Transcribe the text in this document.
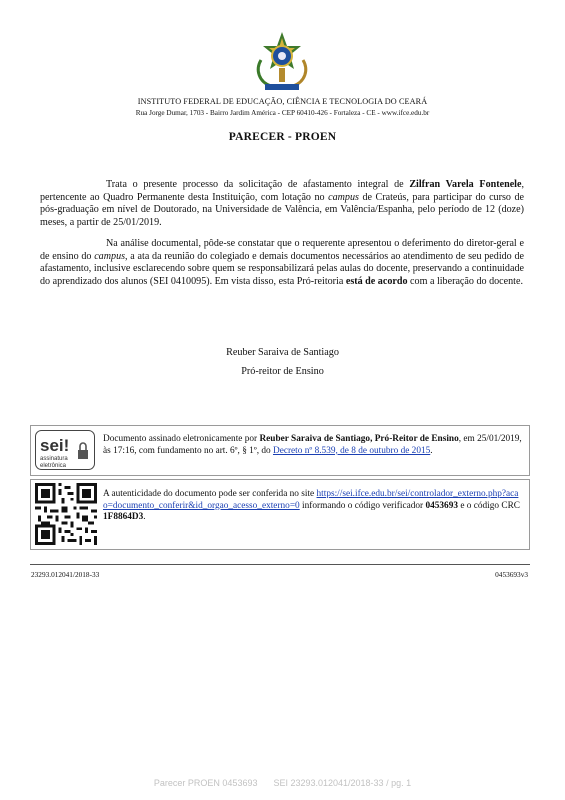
INSTITUTO FEDERAL DE EDUCAÇÃO, CIÊNCIA E TECNOLOGIA DO CEARÁ
Rua Jorge Dumar, 1703 - Bairro Jardim América - CEP 60410-426 - Fortaleza - CE - www.ifce.edu.br
PARECER - PROEN
Trata o presente processo da solicitação de afastamento integral de Zilfran Varela Fontenele, pertencente ao Quadro Permanente desta Instituição, com lotação no campus de Crateús, para participar do curso de pós-graduação em nível de Doutorado, na Universidade de Valência, em Valência/Espanha, pelo período de 12 (doze) meses, a partir de 25/01/2019.
Na análise documental, pôde-se constatar que o requerente apresentou o deferimento do diretor-geral e de ensino do campus, a ata da reunião do colegiado e demais documentos necessários ao atendimento de seu pedido de afastamento, inclusive esclarecendo sobre quem se responsabilizará pelas aulas do docente, preservando a continuidade do aprendizado dos alunos (SEI 0410095). Em vista disso, esta Pró-reitoria está de acordo com a liberação do docente.
Reuber Saraiva de Santiago
Pró-reitor de Ensino
sei!
assinatura
eletrônica
Documento assinado eletronicamente por Reuber Saraiva de Santiago, Pró-Reitor de Ensino, em 25/01/2019, às 17:16, com fundamento no art. 6º, § 1º, do Decreto nº 8.539, de 8 de outubro de 2015.
A autenticidade do documento pode ser conferida no site https://sei.ifce.edu.br/sei/controlador_externo.php?acao=documento_conferir&id_orgao_acesso_externo=0 informando o código verificador 0453693 e o código CRC 1F8864D3.
23293.012041/2018-33	0453693v3
Parecer PROEN 0453693 SEI 23293.012041/2018-33 / pg. 1
